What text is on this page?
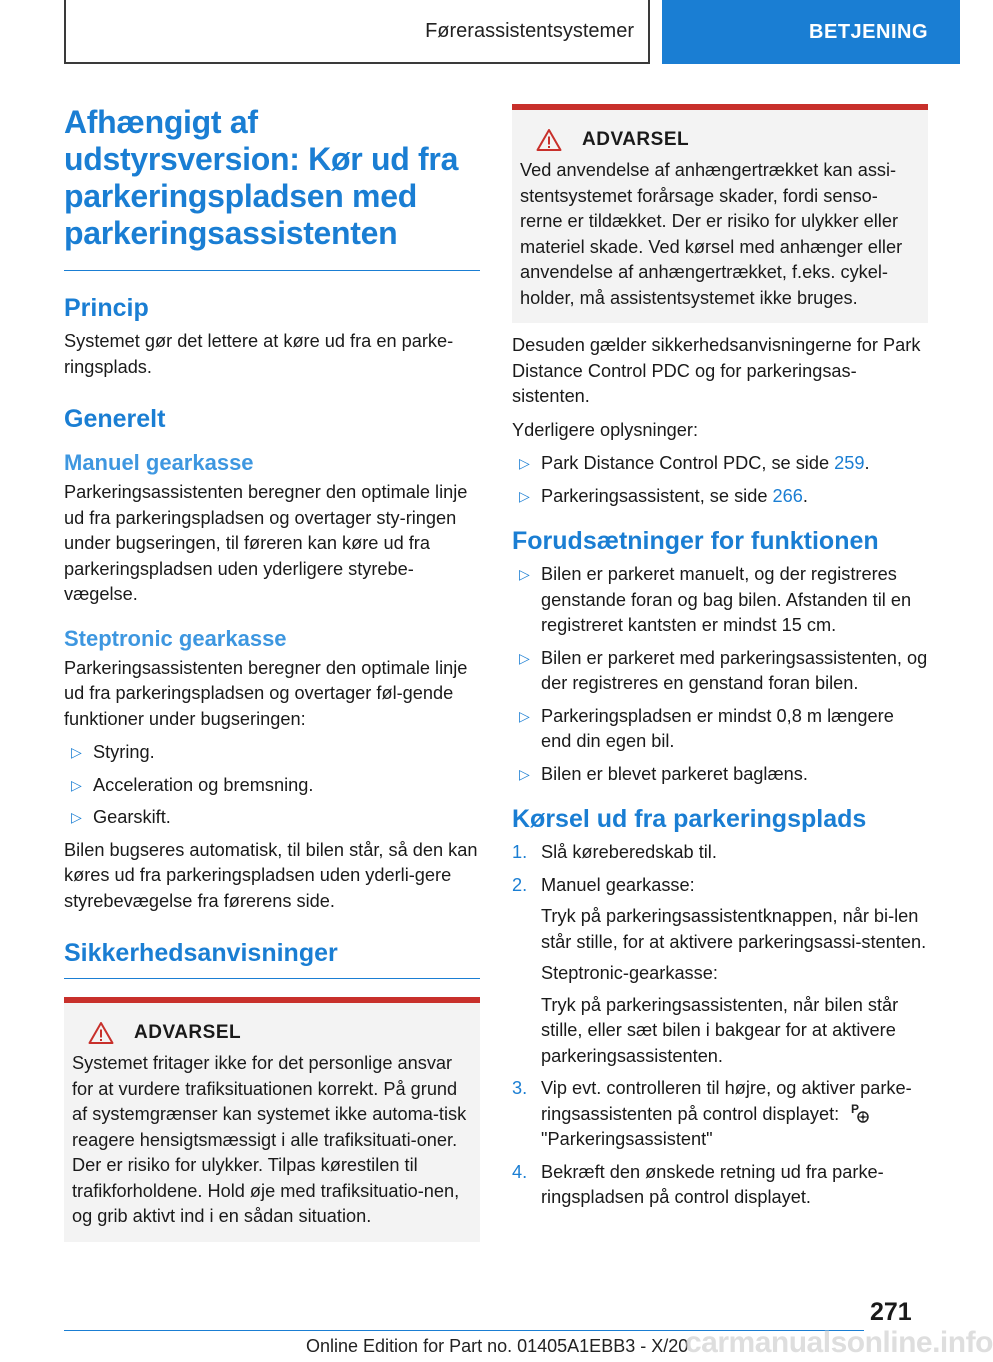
Førerassistentsystemer	BETJENING
Afhængigt af udstyrsversion: Kør ud fra parkeringspladsen med parkeringsassistenten
Princip

Systemet gør det lettere at køre ud fra en parke-ringsplads.

Generelt
Manuel gearkasse

Parkeringsassistenten beregner den optimale linje ud fra parkeringspladsen og overtager sty-ringen under bugseringen, til føreren kan køre ud fra parkeringspladsen uden yderligere styrebe-vægelse.

Steptronic gearkasse

Parkeringsassistenten beregner den optimale linje ud fra parkeringspladsen og overtager føl-gende funktioner under bugseringen:

▷ Styring.
▷ Acceleration og bremsning.
▷ Gearskift.

Bilen bugseres automatisk, til bilen står, så den kan køres ud fra parkeringspladsen uden yderli-gere styrebevægelse fra førerens side.

Sikkerhedsanvisninger
ADVARSEL

Systemet fritager ikke for det personlige ansvar for at vurdere trafiksituationen korrekt. På grund af systemgrænser kan systemet ikke automa-tisk reagere hensigtsmæssigt i alle trafiksituati-oner. Der er risiko for ulykker. Tilpas kørestilen til trafikforholdene. Hold øje med trafiksituatio-nen, og grib aktivt ind i en sådan situation.

ADVARSEL

Ved anvendelse af anhængertrækket kan assi-stentsystemet forårsage skader, fordi senso-rerne er tildækket. Der er risiko for ulykker eller materiel skade. Ved kørsel med anhænger eller anvendelse af anhængertrækket, f.eks. cykel-holder, må assistentsystemet ikke bruges.

Desuden gælder sikkerhedsanvisningerne for Park Distance Control PDC og for parkeringsas-sistenten.

Yderligere oplysninger:

▷ Park Distance Control PDC, se side 259.
▷ Parkeringsassistent, se side 266.
Forudsætninger for funktionen
▷ Bilen er parkeret manuelt, og der registreres genstande foran og bag bilen. Afstanden til en registreret kantsten er mindst 15 cm.
▷ Bilen er parkeret med parkeringsassistenten, og der registreres en genstand foran bilen.
▷ Parkeringspladsen er mindst 0,8 m længere end din egen bil.
▷ Bilen er blevet parkeret baglæns.
Kørsel ud fra parkeringsplads
1. Slå køreberedskab til.
2. Manuel gearkasse:
Tryk på parkeringsassistentknappen, når bi-len står stille, for at aktivere parkeringsassi-stenten.
Steptronic-gearkasse:
Tryk på parkeringsassistenten, når bilen står stille, eller sæt bilen i bakgear for at aktivere parkeringsassistenten.
3. Vip evt. controlleren til højre, og aktiver parke-ringsassistenten på control displayet: P
"Parkeringsassistent"
4. Bekræft den ønskede retning ud fra parke-ringspladsen på control displayet.
271
Online Edition for Part no. 01405A1EBB3 - X/20
carmanualsonline.info
